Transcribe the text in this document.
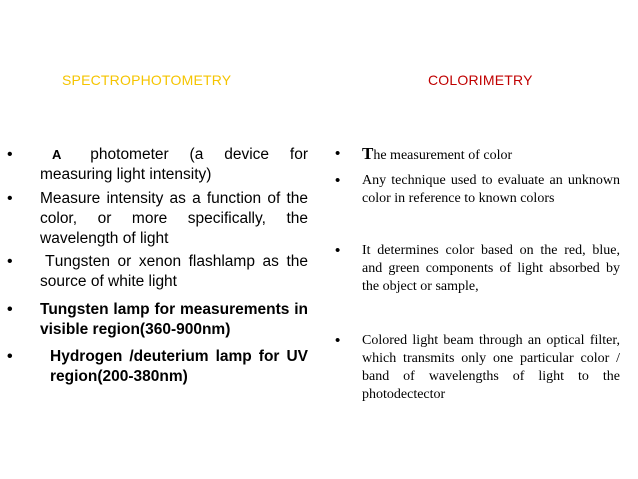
SPECTROPHOTOMETRY	COLORIMETRY
•	A photometer (a device for measuring light intensity)
• Measure intensity as a function of the color, or more specifically, the wavelength of light
• Tungsten or xenon flashlamp as the source of white light
• Tungsten lamp for measurements in visible region(360-900nm)
• Hydrogen /deuterium lamp for UV region(200-380nm)
• The measurement of color
• Any technique used to evaluate an unknown color in reference to known colors
• It determines color based on the red, blue, and green components of light absorbed by the object or sample,
• Colored light beam through an optical filter, which transmits only one particular color / band of wavelengths of light to the photodectector
